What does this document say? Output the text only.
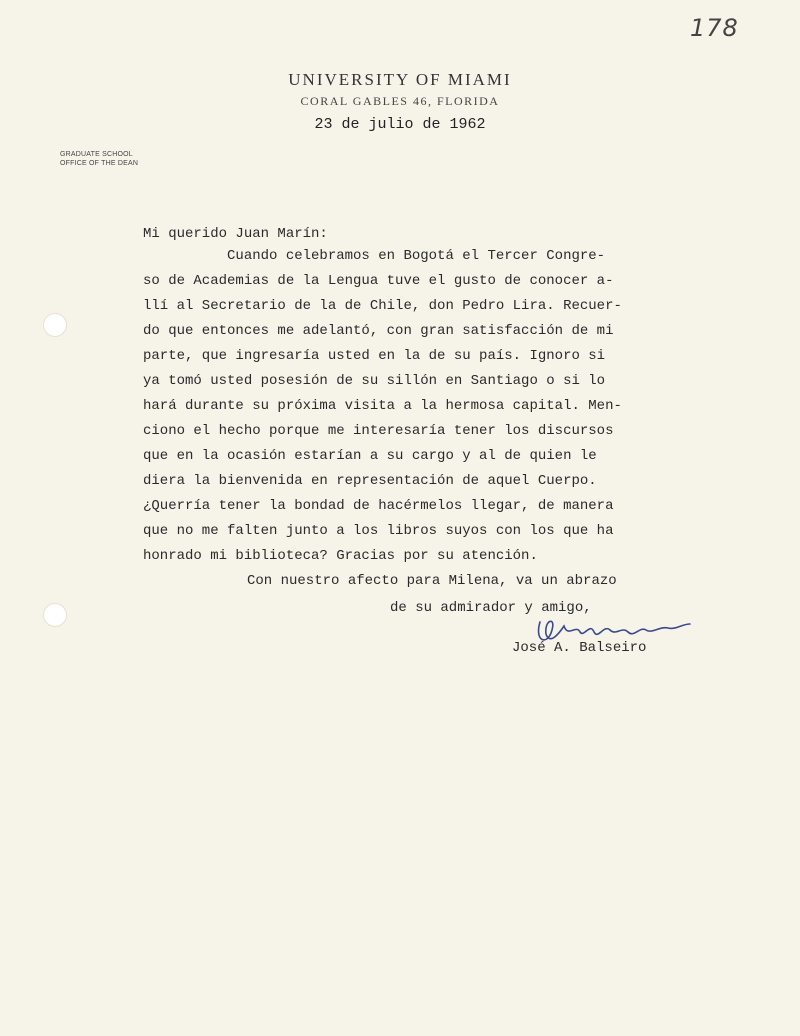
178
UNIVERSITY OF MIAMI
CORAL GABLES 46, FLORIDA
23 de julio de 1962
GRADUATE SCHOOL
OFFICE OF THE DEAN
Mi querido Juan Marín:
Cuando celebramos en Bogotá el Tercer Congre-
so de Academias de la Lengua tuve el gusto de conocer a-
llí al Secretario de la de Chile, don Pedro Lira. Recuer-
do que entonces me adelantó, con gran satisfacción de mi
parte, que ingresaría usted en la de su país. Ignoro si
ya tomó usted posesión de su sillón en Santiago o si lo
hará durante su próxima visita a la hermosa capital. Men-
ciono el hecho porque me interesaría tener los discursos
que en la ocasión estarían a su cargo y al de quien le
diera la bienvenida en representación de aquel Cuerpo.
¿Querría tener la bondad de hacérmelos llegar, de manera
que no me falten junto a los libros suyos con los que ha
honrado mi biblioteca? Gracias por su atención.
Con nuestro afecto para Milena, va un abrazo
de su admirador y amigo,
José A. Balseiro
